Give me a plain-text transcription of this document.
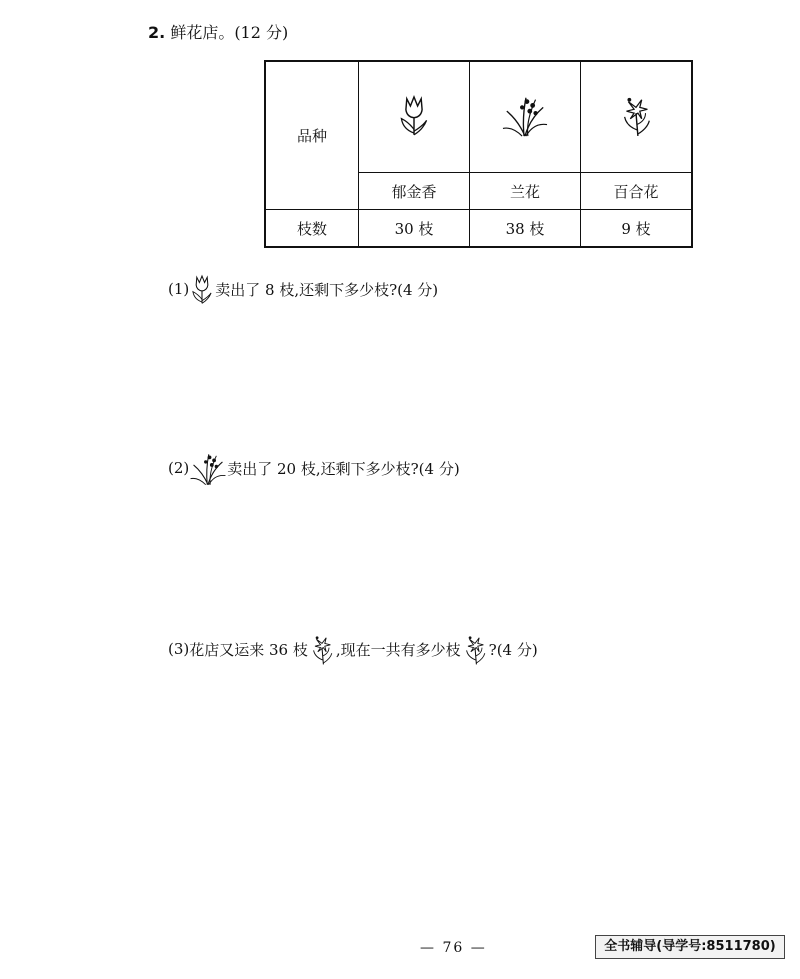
2. 鲜花店。(12 分)
品种			
	郁金香	兰花	百合花
枝数	30 枝	38 枝	9 枝
(1) 卖出了 8 枝,还剩下多少枝?(4 分)
(2)	卖出了 20 枝,还剩下多少枝?(4 分)
(3) 花店又运来 36 枝 ,现在一共有多少枝 ?(4 分)
— 76 —	全书辅导(导学号:8511780)
